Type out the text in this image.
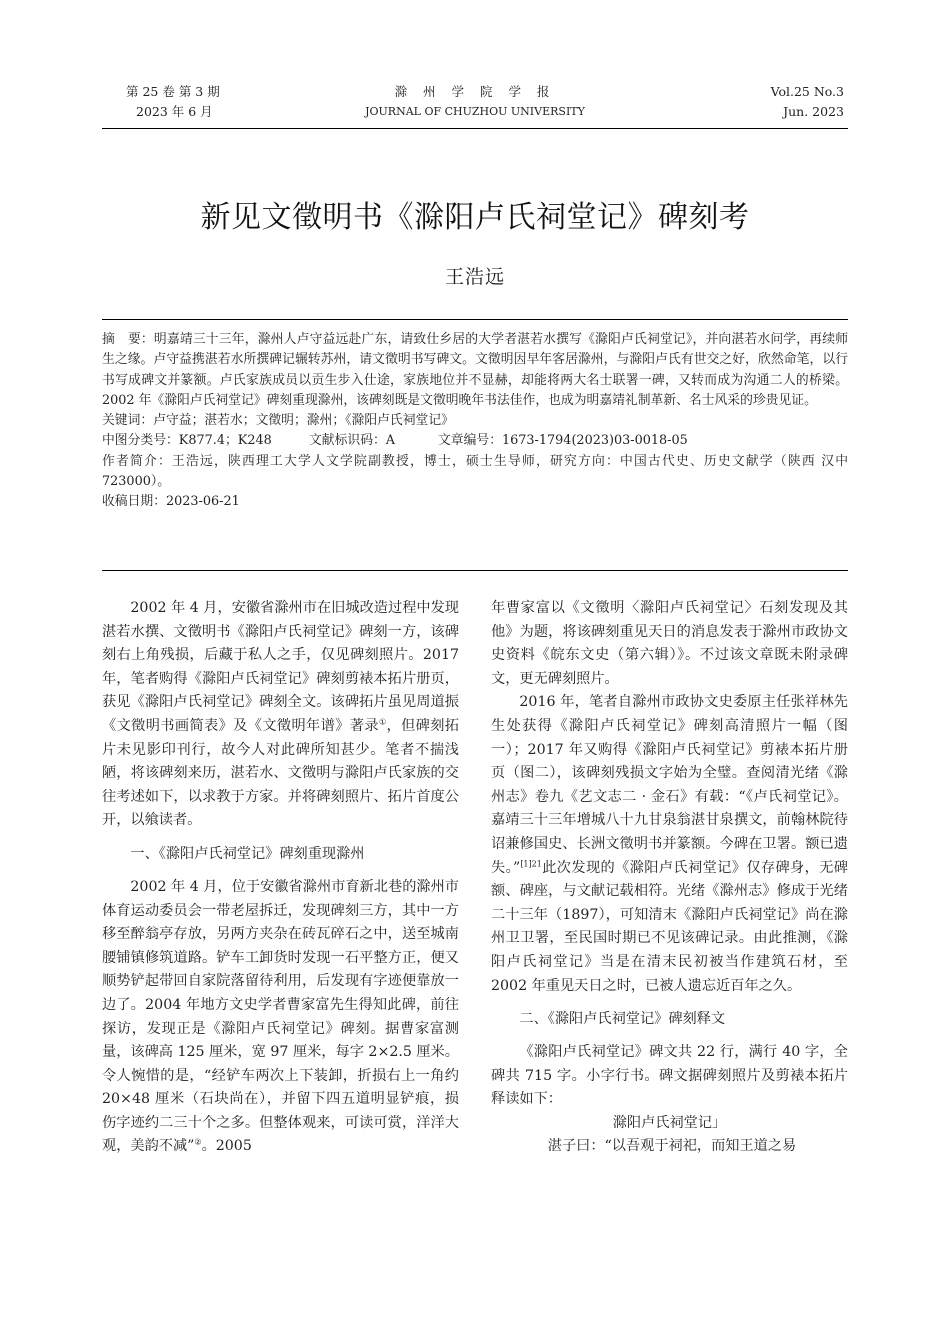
第 25 卷 第 3 期
2023 年 6 月
滁 州 学 院 学 报
JOURNAL OF CHUZHOU UNIVERSITY
Vol.25 No.3
Jun. 2023
新见文徵明书《滁阳卢氏祠堂记》碑刻考
王浩远

摘　要：明嘉靖三十三年，滁州人卢守益远赴广东，请致仕乡居的大学者湛若水撰写《滁阳卢氏祠堂记》，并向湛若水问学，再续师生之缘。卢守益携湛若水所撰碑记辗转苏州，请文徵明书写碑文。文徵明因早年客居滁州，与滁阳卢氏有世交之好，欣然命笔，以行书写成碑文并篆额。卢氏家族成员以贡生步入仕途，家族地位并不显赫，却能将两大名士联署一碑，又转而成为沟通二人的桥梁。2002 年《滁阳卢氏祠堂记》碑刻重现滁州，该碑刻既是文徵明晚年书法佳作，也成为明嘉靖礼制革新、名士风采的珍贵见证。

关键词：卢守益；湛若水；文徵明；滁州；《滁阳卢氏祠堂记》

中图分类号：K877.4；K248	文献标识码：A	文章编号：1673-1794(2023)03-0018-05

作者简介：王浩远，陕西理工大学人文学院副教授，博士，硕士生导师，研究方向：中国古代史、历史文献学（陕西 汉中 723000）。

收稿日期：2023-06-21

2002 年 4 月，安徽省滁州市在旧城改造过程中发现湛若水撰、文徵明书《滁阳卢氏祠堂记》碑刻一方，该碑刻右上角残损，后藏于私人之手，仅见碑刻照片。2017 年，笔者购得《滁阳卢氏祠堂记》碑刻剪裱本拓片册页，获见《滁阳卢氏祠堂记》碑刻全文。该碑拓片虽见周道振《文徵明书画简表》及《文徵明年谱》著录①，但碑刻拓片未见影印刊行，故今人对此碑所知甚少。笔者不揣浅陋，将该碑刻来历，湛若水、文徵明与滁阳卢氏家族的交往考述如下，以求教于方家。并将碑刻照片、拓片首度公开，以飨读者。

一、《滁阳卢氏祠堂记》碑刻重现滁州

2002 年 4 月，位于安徽省滁州市育新北巷的滁州市体育运动委员会一带老屋拆迁，发现碑刻三方，其中一方移至醉翁亭存放，另两方夹杂在砖瓦碎石之中，送至城南腰铺镇修筑道路。铲车工卸货时发现一石平整方正，便又顺势铲起带回自家院落留待利用，后发现有字迹便靠放一边了。2004 年地方文史学者曹家富先生得知此碑，前往探访，发现正是《滁阳卢氏祠堂记》碑刻。据曹家富测量，该碑高 125 厘米，宽 97 厘米，每字 2×2.5 厘米。令人惋惜的是，“经铲车两次上下装卸，折损右上一角约 20×48 厘米（石块尚在），并留下四五道明显铲痕，损伤字迹约二三十个之多。但整体观来，可读可赏，洋洋大观，美韵不减”②。2005

年曹家富以《文徵明〈滁阳卢氏祠堂记〉石刻发现及其他》为题，将该碑刻重见天日的消息发表于滁州市政协文史资料《皖东文史（第六辑）》。不过该文章既未附录碑文，更无碑刻照片。

2016 年，笔者自滁州市政协文史委原主任张祥林先生处获得《滁阳卢氏祠堂记》碑刻高清照片一幅（图一）；2017 年又购得《滁阳卢氏祠堂记》剪裱本拓片册页（图二），该碑刻残损文字始为全璧。查阅清光绪《滁州志》卷九《艺文志二 · 金石》有载：“《卢氏祠堂记》。嘉靖三十三年增城八十九甘泉翁湛甘泉撰文，前翰林院待诏兼修国史、长洲文徵明书并篆额。今碑在卫署。额已遗失。”$^{[1]21}$此次发现的《滁阳卢氏祠堂记》仅存碑身，无碑额、碑座，与文献记载相符。光绪《滁州志》修成于光绪二十三年（1897），可知清末《滁阳卢氏祠堂记》尚在滁州卫卫署，至民国时期已不见该碑记录。由此推测，《滁阳卢氏祠堂记》当是在清末民初被当作建筑石材，至 2002 年重见天日之时，已被人遗忘近百年之久。

二、《滁阳卢氏祠堂记》碑刻释文

《滁阳卢氏祠堂记》碑文共 22 行，满行 40 字，全碑共 715 字。小字行书。碑文据碑刻照片及剪裱本拓片释读如下：

滁阳卢氏祠堂记」

湛子曰：“以吾观于祠祀，而知王道之易
